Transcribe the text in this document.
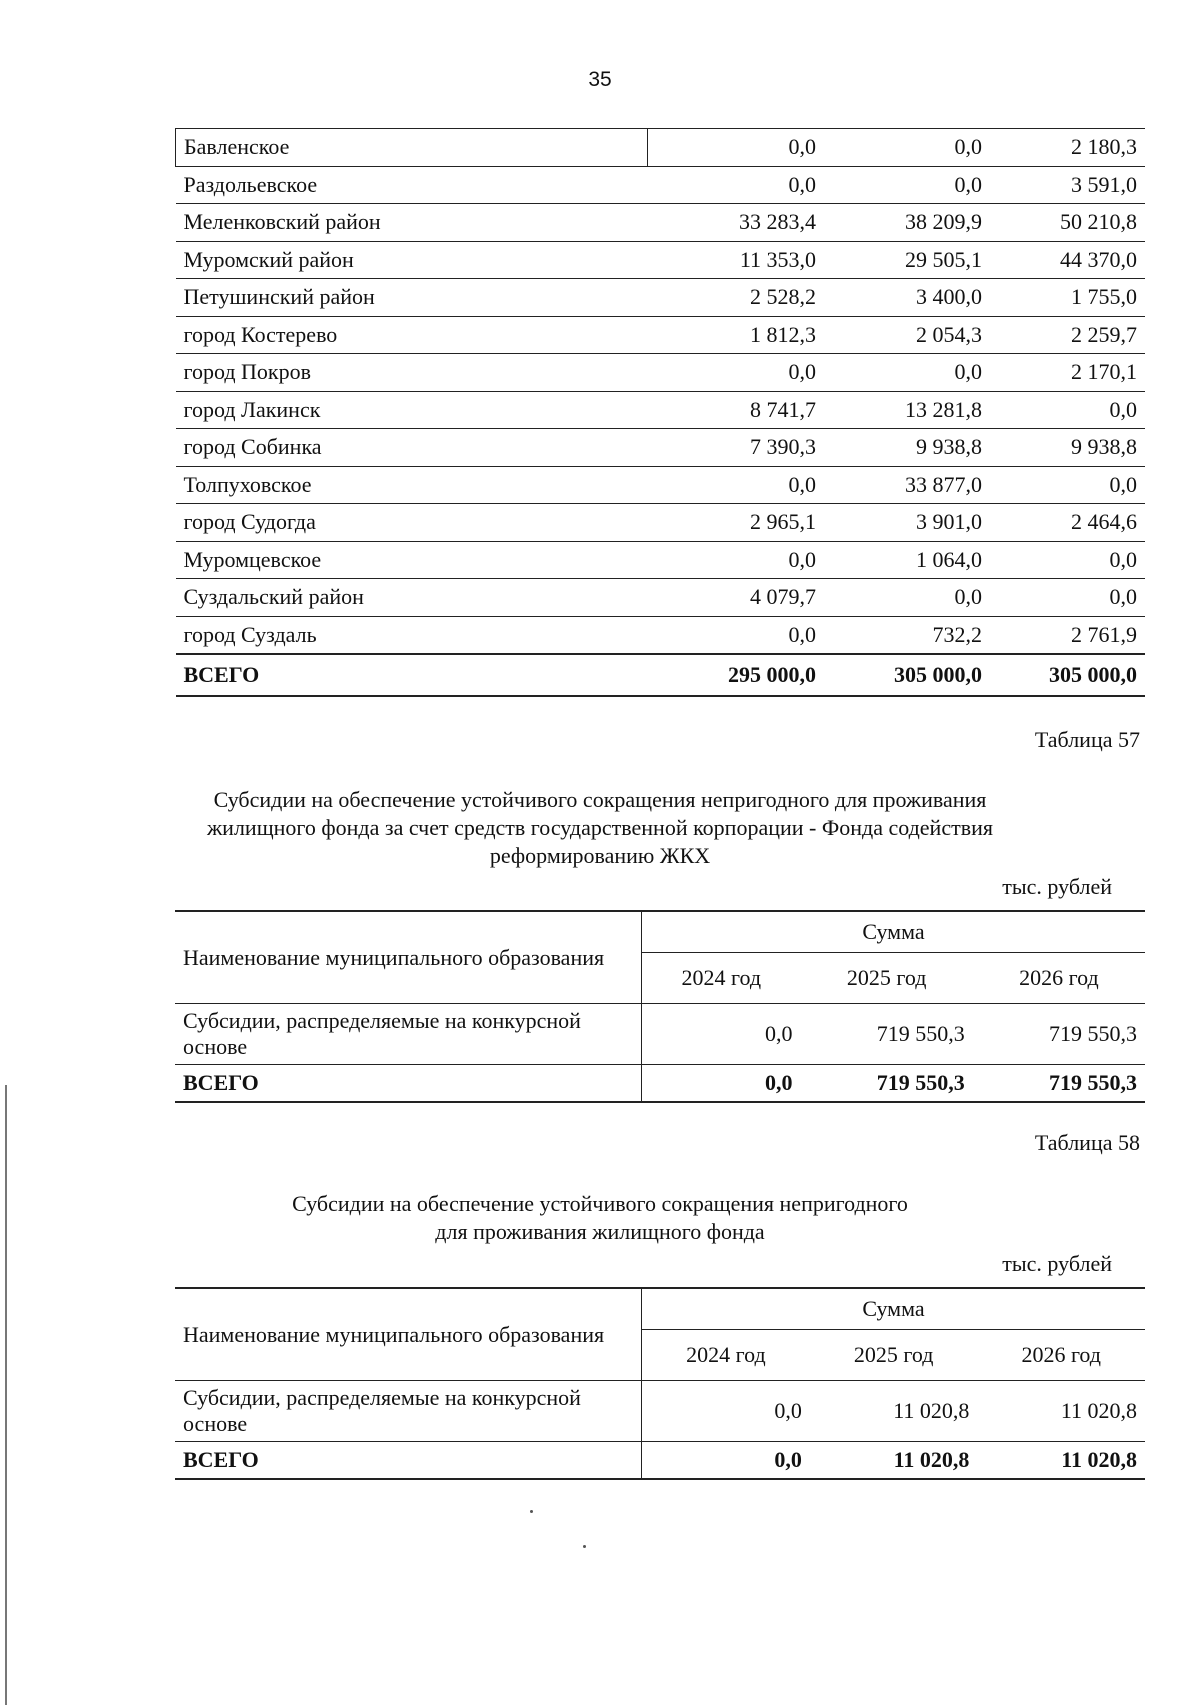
35
Бавленское	0,0	0,0	2 180,3
Раздольевское	0,0	0,0	3 591,0
Меленковский район	33 283,4	38 209,9	50 210,8
Муромский район	11 353,0	29 505,1	44 370,0
Петушинский район	2 528,2	3 400,0	1 755,0
город Костерево	1 812,3	2 054,3	2 259,7
город Покров	0,0	0,0	2 170,1
город Лакинск	8 741,7	13 281,8	0,0
город Собинка	7 390,3	9 938,8	9 938,8
Толпуховское	0,0	33 877,0	0,0
город Судогда	2 965,1	3 901,0	2 464,6
Муромцевское	0,0	1 064,0	0,0
Суздальский район	4 079,7	0,0	0,0
город Суздаль	0,0	732,2	2 761,9
ВСЕГО	295 000,0	305 000,0	305 000,0
Таблица 57
Субсидии на обеспечение устойчивого сокращения непригодного для проживания
жилищного фонда за счет средств государственной корпорации - Фонда содействия
реформированию ЖКХ
тыс. рублей
Наименование муниципального образования	Сумма		
	2024 год	2025 год	2026 год

Субсидии, распределяемые на конкурсной
основе	0,0	719 550,3	719 550,3
ВСЕГО	0,0	719 550,3	719 550,3
Таблица 58
Субсидии на обеспечение устойчивого сокращения непригодного
для проживания жилищного фонда
тыс. рублей
Наименование муниципального образования	Сумма		
	2024 год	2025 год	2026 год

Субсидии, распределяемые на конкурсной
основе	0,0	11 020,8	11 020,8
ВСЕГО	0,0	11 020,8	11 020,8
